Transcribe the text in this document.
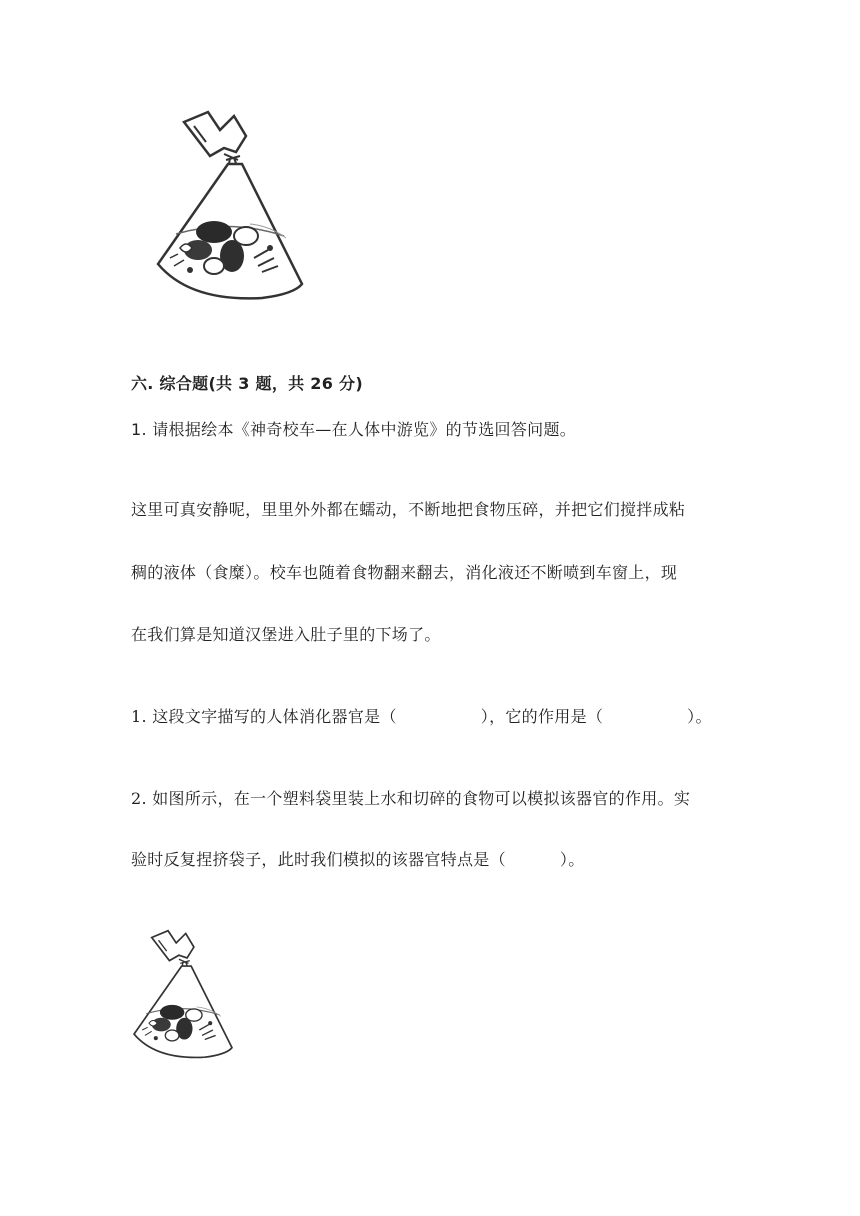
六. 综合题(共 3 题，共 26 分)
1. 请根据绘本《神奇校车—在人体中游览》的节选回答问题。
这里可真安静呢，里里外外都在蠕动，不断地把食物压碎，并把它们搅拌成粘
稠的液体（食糜）。校车也随着食物翻来翻去，消化液还不断喷到车窗上，现
在我们算是知道汉堡进入肚子里的下场了。
1. 这段文字描写的人体消化器官是（	），它的作用是（	）。
2. 如图所示，在一个塑料袋里装上水和切碎的食物可以模拟该器官的作用。实
验时反复捏挤袋子，此时我们模拟的该器官特点是（	）。
